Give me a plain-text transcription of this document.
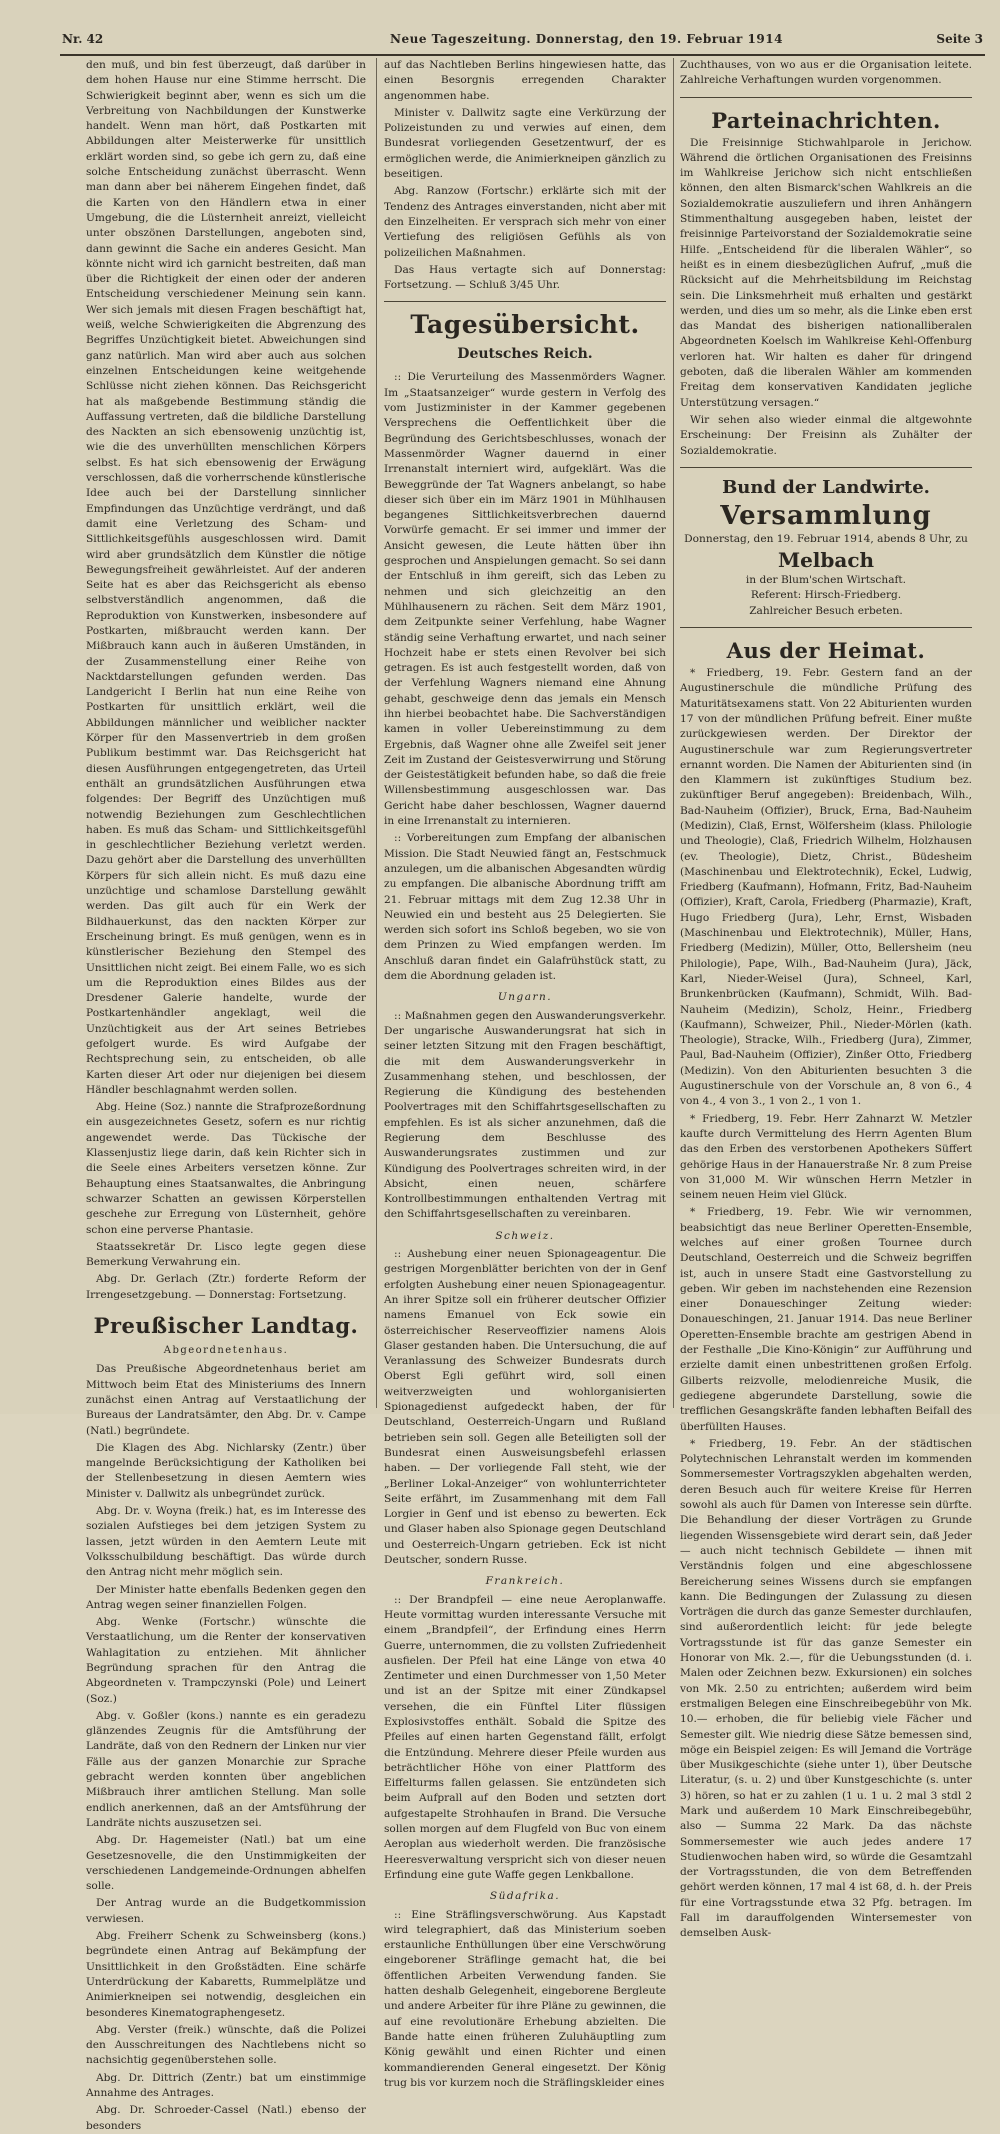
Nr. 42	Neue Tageszeitung. Donnerstag, den 19. Februar 1914	Seite 3

den muß, und bin fest überzeugt, daß darüber in dem hohen Hause nur eine Stimme herrscht. Die Schwierigkeit beginnt aber, wenn es sich um die Verbreitung von Nachbildungen der Kunstwerke handelt. Wenn man hört, daß Postkarten mit Abbildungen alter Meisterwerke für unsittlich erklärt worden sind, so gebe ich gern zu, daß eine solche Entscheidung zunächst überrascht. Wenn man dann aber bei näherem Eingehen findet, daß die Karten von den Händlern etwa in einer Umgebung, die die Lüsternheit anreizt, vielleicht unter obszönen Darstellungen, angeboten sind, dann gewinnt die Sache ein anderes Gesicht. Man könnte nicht wird ich garnicht bestreiten, daß man über die Richtigkeit der einen oder der anderen Entscheidung verschiedener Meinung sein kann. Wer sich jemals mit diesen Fragen beschäftigt hat, weiß, welche Schwierigkeiten die Abgrenzung des Begriffes Unzüchtigkeit bietet. Abweichungen sind ganz natürlich. Man wird aber auch aus solchen einzelnen Entscheidungen keine weitgehende Schlüsse nicht ziehen können. Das Reichsgericht hat als maßgebende Bestimmung ständig die Auffassung vertreten, daß die bildliche Darstellung des Nackten an sich ebensowenig unzüchtig ist, wie die des unverhüllten menschlichen Körpers selbst. Es hat sich ebensowenig der Erwägung verschlossen, daß die vorherrschende künstlerische Idee auch bei der Darstellung sinnlicher Empfindungen das Unzüchtige verdrängt, und daß damit eine Verletzung des Scham- und Sittlichkeitsgefühls ausgeschlossen wird. Damit wird aber grundsätzlich dem Künstler die nötige Bewegungsfreiheit gewährleistet. Auf der anderen Seite hat es aber das Reichsgericht als ebenso selbstverständlich angenommen, daß die Reproduktion von Kunstwerken, insbesondere auf Postkarten, mißbraucht werden kann. Der Mißbrauch kann auch in äußeren Umständen, in der Zusammenstellung einer Reihe von Nacktdarstellungen gefunden werden. Das Landgericht I Berlin hat nun eine Reihe von Postkarten für unsittlich erklärt, weil die Abbildungen männlicher und weiblicher nackter Körper für den Massenvertrieb in dem großen Publikum bestimmt war. Das Reichsgericht hat diesen Ausführungen entgegengetreten, das Urteil enthält an grundsätzlichen Ausführungen etwa folgendes: Der Begriff des Unzüchtigen muß notwendig Beziehungen zum Geschlechtlichen haben. Es muß das Scham- und Sittlichkeitsgefühl in geschlechtlicher Beziehung verletzt werden. Dazu gehört aber die Darstellung des unverhüllten Körpers für sich allein nicht. Es muß dazu eine unzüchtige und schamlose Darstellung gewählt werden. Das gilt auch für ein Werk der Bildhauerkunst, das den nackten Körper zur Erscheinung bringt. Es muß genügen, wenn es in künstlerischer Beziehung den Stempel des Unsittlichen nicht zeigt. Bei einem Falle, wo es sich um die Reproduktion eines Bildes aus der Dresdener Galerie handelte, wurde der Postkartenhändler angeklagt, weil die Unzüchtigkeit aus der Art seines Betriebes gefolgert wurde. Es wird Aufgabe der Rechtsprechung sein, zu entscheiden, ob alle Karten dieser Art oder nur diejenigen bei diesem Händler beschlagnahmt werden sollen.

Abg. Heine (Soz.) nannte die Strafprozeßordnung ein ausgezeichnetes Gesetz, sofern es nur richtig angewendet werde. Das Tückische der Klassenjustiz liege darin, daß kein Richter sich in die Seele eines Arbeiters versetzen könne. Zur Behauptung eines Staatsanwaltes, die Anbringung schwarzer Schatten an gewissen Körperstellen geschehe zur Erregung von Lüsternheit, gehöre schon eine perverse Phantasie.

Staatssekretär Dr. Lisco legte gegen diese Bemerkung Verwahrung ein.

Abg. Dr. Gerlach (Ztr.) forderte Reform der Irrengesetzgebung. — Donnerstag: Fortsetzung.

Preußischer Landtag.
Abgeordnetenhaus.

Das Preußische Abgeordnetenhaus beriet am Mittwoch beim Etat des Ministeriums des Innern zunächst einen Antrag auf Verstaatlichung der Bureaus der Landratsämter, den Abg. Dr. v. Campe (Natl.) begründete.

Die Klagen des Abg. Nichlarsky (Zentr.) über mangelnde Berücksichtigung der Katholiken bei der Stellenbesetzung in diesen Aemtern wies Minister v. Dallwitz als unbegründet zurück.

Abg. Dr. v. Woyna (freik.) hat, es im Interesse des sozialen Aufstieges bei dem jetzigen System zu lassen, jetzt würden in den Aemtern Leute mit Volksschulbildung beschäftigt. Das würde durch den Antrag nicht mehr möglich sein.

Der Minister hatte ebenfalls Bedenken gegen den Antrag wegen seiner finanziellen Folgen.

Abg. Wenke (Fortschr.) wünschte die Verstaatlichung, um die Renter der konservativen Wahlagitation zu entziehen. Mit ähnlicher Begründung sprachen für den Antrag die Abgeordneten v. Trampczynski (Pole) und Leinert (Soz.)

Abg. v. Goßler (kons.) nannte es ein geradezu glänzendes Zeugnis für die Amtsführung der Landräte, daß von den Rednern der Linken nur vier Fälle aus der ganzen Monarchie zur Sprache gebracht werden konnten über angeblichen Mißbrauch ihrer amtlichen Stellung. Man solle endlich anerkennen, daß an der Amtsführung der Landräte nichts auszusetzen sei.

Abg. Dr. Hagemeister (Natl.) bat um eine Gesetzesnovelle, die den Unstimmigkeiten der verschiedenen Landgemeinde-Ordnungen abhelfen solle.

Der Antrag wurde an die Budgetkommission verwiesen.

Abg. Freiherr Schenk zu Schweinsberg (kons.) begründete einen Antrag auf Bekämpfung der Unsittlichkeit in den Großstädten. Eine schärfe Unterdrückung der Kabaretts, Rummelplätze und Animierkneipen sei notwendig, desgleichen ein besonderes Kinematographengesetz.

Abg. Verster (freik.) wünschte, daß die Polizei den Ausschreitungen des Nachtlebens nicht so nachsichtig gegenüberstehen solle.

Abg. Dr. Dittrich (Zentr.) bat um einstimmige Annahme des Antrages.

Abg. Dr. Schroeder-Cassel (Natl.) ebenso der besonders

auf das Nachtleben Berlins hingewiesen hatte, das einen Besorgnis erregenden Charakter angenommen habe.

Minister v. Dallwitz sagte eine Verkürzung der Polizeistunden zu und verwies auf einen, dem Bundesrat vorliegenden Gesetzentwurf, der es ermöglichen werde, die Animierkneipen gänzlich zu beseitigen.

Abg. Ranzow (Fortschr.) erklärte sich mit der Tendenz des Antrages einverstanden, nicht aber mit den Einzelheiten. Er versprach sich mehr von einer Vertiefung des religiösen Gefühls als von polizeilichen Maßnahmen.

Das Haus vertagte sich auf Donnerstag: Fortsetzung. — Schluß 3/45 Uhr.

Tagesübersicht.
Deutsches Reich.

:: Die Verurteilung des Massenmörders Wagner. Im „Staatsanzeiger“ wurde gestern in Verfolg des vom Justizminister in der Kammer gegebenen Versprechens die Oeffentlichkeit über die Begründung des Gerichtsbeschlusses, wonach der Massenmörder Wagner dauernd in einer Irrenanstalt interniert wird, aufgeklärt. Was die Beweggründe der Tat Wagners anbelangt, so habe dieser sich über ein im März 1901 in Mühlhausen begangenes Sittlichkeitsverbrechen dauernd Vorwürfe gemacht. Er sei immer und immer der Ansicht gewesen, die Leute hätten über ihn gesprochen und Anspielungen gemacht. So sei dann der Entschluß in ihm gereift, sich das Leben zu nehmen und sich gleichzeitig an den Mühlhausenern zu rächen. Seit dem März 1901, dem Zeitpunkte seiner Verfehlung, habe Wagner ständig seine Verhaftung erwartet, und nach seiner Hochzeit habe er stets einen Revolver bei sich getragen. Es ist auch festgestellt worden, daß von der Verfehlung Wagners niemand eine Ahnung gehabt, geschweige denn das jemals ein Mensch ihn hierbei beobachtet habe. Die Sachverständigen kamen in voller Uebereinstimmung zu dem Ergebnis, daß Wagner ohne alle Zweifel seit jener Zeit im Zustand der Geistesverwirrung und Störung der Geistestätigkeit befunden habe, so daß die freie Willensbestimmung ausgeschlossen war. Das Gericht habe daher beschlossen, Wagner dauernd in eine Irrenanstalt zu internieren.

:: Vorbereitungen zum Empfang der albanischen Mission. Die Stadt Neuwied fängt an, Festschmuck anzulegen, um die albanischen Abgesandten würdig zu empfangen. Die albanische Abordnung trifft am 21. Februar mittags mit dem Zug 12.38 Uhr in Neuwied ein und besteht aus 25 Delegierten. Sie werden sich sofort ins Schloß begeben, wo sie von dem Prinzen zu Wied empfangen werden. Im Anschluß daran findet ein Galafrühstück statt, zu dem die Abordnung geladen ist.

Ungarn.

:: Maßnahmen gegen den Auswanderungsverkehr. Der ungarische Auswanderungsrat hat sich in seiner letzten Sitzung mit den Fragen beschäftigt, die mit dem Auswanderungsverkehr in Zusammenhang stehen, und beschlossen, der Regierung die Kündigung des bestehenden Poolvertrages mit den Schiffahrtsgesellschaften zu empfehlen. Es ist als sicher anzunehmen, daß die Regierung dem Beschlusse des Auswanderungsrates zustimmen und zur Kündigung des Poolvertrages schreiten wird, in der Absicht, einen neuen, schärfere Kontrollbestimmungen enthaltenden Vertrag mit den Schiffahrtsgesellschaften zu vereinbaren.

Schweiz.

:: Aushebung einer neuen Spionageagentur. Die gestrigen Morgenblätter berichten von der in Genf erfolgten Aushebung einer neuen Spionageagentur. An ihrer Spitze soll ein früherer deutscher Offizier namens Emanuel von Eck sowie ein österreichischer Reserveoffizier namens Alois Glaser gestanden haben. Die Untersuchung, die auf Veranlassung des Schweizer Bundesrats durch Oberst Egli geführt wird, soll einen weitverzweigten und wohlorganisierten Spionagedienst aufgedeckt haben, der für Deutschland, Oesterreich-Ungarn und Rußland betrieben sein soll. Gegen alle Beteiligten soll der Bundesrat einen Ausweisungsbefehl erlassen haben. — Der vorliegende Fall steht, wie der „Berliner Lokal-Anzeiger“ von wohlunterrichteter Seite erfährt, im Zusammenhang mit dem Fall Lorgier in Genf und ist ebenso zu bewerten. Eck und Glaser haben also Spionage gegen Deutschland und Oesterreich-Ungarn getrieben. Eck ist nicht Deutscher, sondern Russe.

Frankreich.

:: Der Brandpfeil — eine neue Aeroplanwaffe. Heute vormittag wurden interessante Versuche mit einem „Brandpfeil“, der Erfindung eines Herrn Guerre, unternommen, die zu vollsten Zufriedenheit ausfielen. Der Pfeil hat eine Länge von etwa 40 Zentimeter und einen Durchmesser von 1,50 Meter und ist an der Spitze mit einer Zündkapsel versehen, die ein Fünftel Liter flüssigen Explosivstoffes enthält. Sobald die Spitze des Pfeiles auf einen harten Gegenstand fällt, erfolgt die Entzündung. Mehrere dieser Pfeile wurden aus beträchtlicher Höhe von einer Plattform des Eiffelturms fallen gelassen. Sie entzündeten sich beim Aufprall auf den Boden und setzten dort aufgestapelte Strohhaufen in Brand. Die Versuche sollen morgen auf dem Flugfeld von Buc von einem Aeroplan aus wiederholt werden. Die französische Heeresverwaltung verspricht sich von dieser neuen Erfindung eine gute Waffe gegen Lenkballone.

Südafrika.

:: Eine Sträflingsverschwörung. Aus Kapstadt wird telegraphiert, daß das Ministerium soeben erstaunliche Enthüllungen über eine Verschwörung eingeborener Sträflinge gemacht hat, die bei öffentlichen Arbeiten Verwendung fanden. Sie hatten deshalb Gelegenheit, eingeborene Bergleute und andere Arbeiter für ihre Pläne zu gewinnen, die auf eine revolutionäre Erhebung abzielten. Die Bande hatte einen früheren Zuluhäuptling zum König gewählt und einen Richter und einen kommandierenden General eingesetzt. Der König trug bis vor kurzem noch die Sträflingskleider eines

Zuchthauses, von wo aus er die Organisation leitete. Zahlreiche Verhaftungen wurden vorgenommen.

Parteinachrichten.

Die Freisinnige Stichwahlparole in Jerichow. Während die örtlichen Organisationen des Freisinns im Wahlkreise Jerichow sich nicht entschließen können, den alten Bismarck'schen Wahlkreis an die Sozialdemokratie auszuliefern und ihren Anhängern Stimmenthaltung ausgegeben haben, leistet der freisinnige Parteivorstand der Sozialdemokratie seine Hilfe. „Entscheidend für die liberalen Wähler“, so heißt es in einem diesbezüglichen Aufruf, „muß die Rücksicht auf die Mehrheitsbildung im Reichstag sein. Die Linksmehrheit muß erhalten und gestärkt werden, und dies um so mehr, als die Linke eben erst das Mandat des bisherigen nationalliberalen Abgeordneten Koelsch im Wahlkreise Kehl-Offenburg verloren hat. Wir halten es daher für dringend geboten, daß die liberalen Wähler am kommenden Freitag dem konservativen Kandidaten jegliche Unterstützung versagen.“

Wir sehen also wieder einmal die altgewohnte Erscheinung: Der Freisinn als Zuhälter der Sozialdemokratie.

Bund der Landwirte.
Versammlung
Donnerstag, den 19. Februar 1914, abends 8 Uhr, zu
Melbach
in der Blum'schen Wirtschaft.
Referent: Hirsch-Friedberg.
Zahlreicher Besuch erbeten.
Aus der Heimat.

* Friedberg, 19. Febr. Gestern fand an der Augustinerschule die mündliche Prüfung des Maturitätsexamens statt. Von 22 Abiturienten wurden 17 von der mündlichen Prüfung befreit. Einer mußte zurückgewiesen werden. Der Direktor der Augustinerschule war zum Regierungsvertreter ernannt worden. Die Namen der Abiturienten sind (in den Klammern ist zukünftiges Studium bez. zukünftiger Beruf angegeben): Breidenbach, Wilh., Bad-Nauheim (Offizier), Bruck, Erna, Bad-Nauheim (Medizin), Claß, Ernst, Wölfersheim (klass. Philologie und Theologie), Claß, Friedrich Wilhelm, Holzhausen (ev. Theologie), Dietz, Christ., Büdesheim (Maschinenbau und Elektrotechnik), Eckel, Ludwig, Friedberg (Kaufmann), Hofmann, Fritz, Bad-Nauheim (Offizier), Kraft, Carola, Friedberg (Pharmazie), Kraft, Hugo Friedberg (Jura), Lehr, Ernst, Wisbaden (Maschinenbau und Elektrotechnik), Müller, Hans, Friedberg (Medizin), Müller, Otto, Bellersheim (neu Philologie), Pape, Wilh., Bad-Nauheim (Jura), Jäck, Karl, Nieder-Weisel (Jura), Schneel, Karl, Brunkenbrücken (Kaufmann), Schmidt, Wilh. Bad-Nauheim (Medizin), Scholz, Heinr., Friedberg (Kaufmann), Schweizer, Phil., Nieder-Mörlen (kath. Theologie), Stracke, Wilh., Friedberg (Jura), Zimmer, Paul, Bad-Nauheim (Offizier), Zinßer Otto, Friedberg (Medizin). Von den Abiturienten besuchten 3 die Augustinerschule von der Vorschule an, 8 von 6., 4 von 4., 4 von 3., 1 von 2., 1 von 1.

* Friedberg, 19. Febr. Herr Zahnarzt W. Metzler kaufte durch Vermittelung des Herrn Agenten Blum das den Erben des verstorbenen Apothekers Süffert gehörige Haus in der Hanauerstraße Nr. 8 zum Preise von 31,000 M. Wir wünschen Herrn Metzler in seinem neuen Heim viel Glück.

* Friedberg, 19. Febr. Wie wir vernommen, beabsichtigt das neue Berliner Operetten-Ensemble, welches auf einer großen Tournee durch Deutschland, Oesterreich und die Schweiz begriffen ist, auch in unsere Stadt eine Gastvorstellung zu geben. Wir geben im nachstehenden eine Rezension einer Donaueschinger Zeitung wieder: Donaueschingen, 21. Januar 1914. Das neue Berliner Operetten-Ensemble brachte am gestrigen Abend in der Festhalle „Die Kino-Königin“ zur Aufführung und erzielte damit einen unbestrittenen großen Erfolg. Gilberts reizvolle, melodienreiche Musik, die gediegene abgerundete Darstellung, sowie die trefflichen Gesangskräfte fanden lebhaften Beifall des überfüllten Hauses.

* Friedberg, 19. Febr. An der städtischen Polytechnischen Lehranstalt werden im kommenden Sommersemester Vortragszyklen abgehalten werden, deren Besuch auch für weitere Kreise für Herren sowohl als auch für Damen von Interesse sein dürfte. Die Behandlung der dieser Vorträgen zu Grunde liegenden Wissensgebiete wird derart sein, daß Jeder — auch nicht technisch Gebildete — ihnen mit Verständnis folgen und eine abgeschlossene Bereicherung seines Wissens durch sie empfangen kann. Die Bedingungen der Zulassung zu diesen Vorträgen die durch das ganze Semester durchlaufen, sind außerordentlich leicht: für jede belegte Vortragsstunde ist für das ganze Semester ein Honorar von Mk. 2.—, für die Uebungsstunden (d. i. Malen oder Zeichnen bezw. Exkursionen) ein solches von Mk. 2.50 zu entrichten; außerdem wird beim erstmaligen Belegen eine Einschreibegebühr von Mk. 10.— erhoben, die für beliebig viele Fächer und Semester gilt. Wie niedrig diese Sätze bemessen sind, möge ein Beispiel zeigen: Es will Jemand die Vorträge über Musikgeschichte (siehe unter 1), über Deutsche Literatur, (s. u. 2) und über Kunstgeschichte (s. unter 3) hören, so hat er zu zahlen (1 u. 1 u. 2 mal 3 stdl 2 Mark und außerdem 10 Mark Einschreibegebühr, also — Summa 22 Mark. Da das nächste Sommersemester wie auch jedes andere 17 Studienwochen haben wird, so würde die Gesamtzahl der Vortragsstunden, die von dem Betreffenden gehört werden können, 17 mal 4 ist 68, d. h. der Preis für eine Vortragsstunde etwa 32 Pfg. betragen. Im Fall im darauffolgenden Wintersemester von demselben Ausk-
